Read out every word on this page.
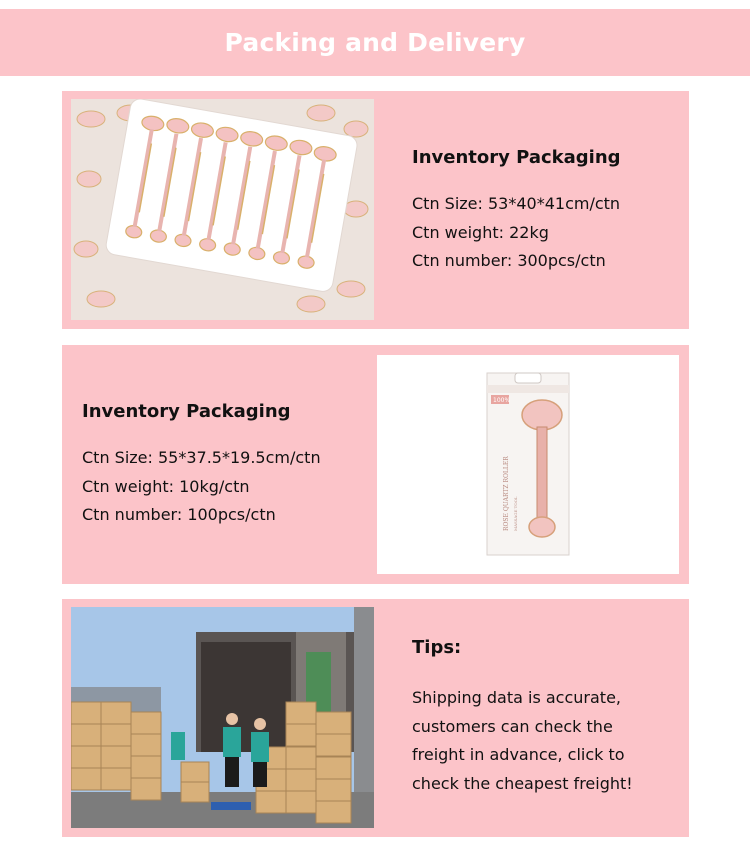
Packing and Delivery

Inventory Packaging

Ctn Size: 53*40*41cm/ctn

Ctn weight: 22kg

Ctn number: 300pcs/ctn

Inventory Packaging

Ctn Size: 55*37.5*19.5cm/ctn

Ctn weight: 10kg/ctn

Ctn number: 100pcs/ctn

100%
ROSE QUARTZ ROLLER MASSAGE TOOL

Tips:

Shipping data is accurate,

customers can check the

freight in advance, click to

check the cheapest freight!
